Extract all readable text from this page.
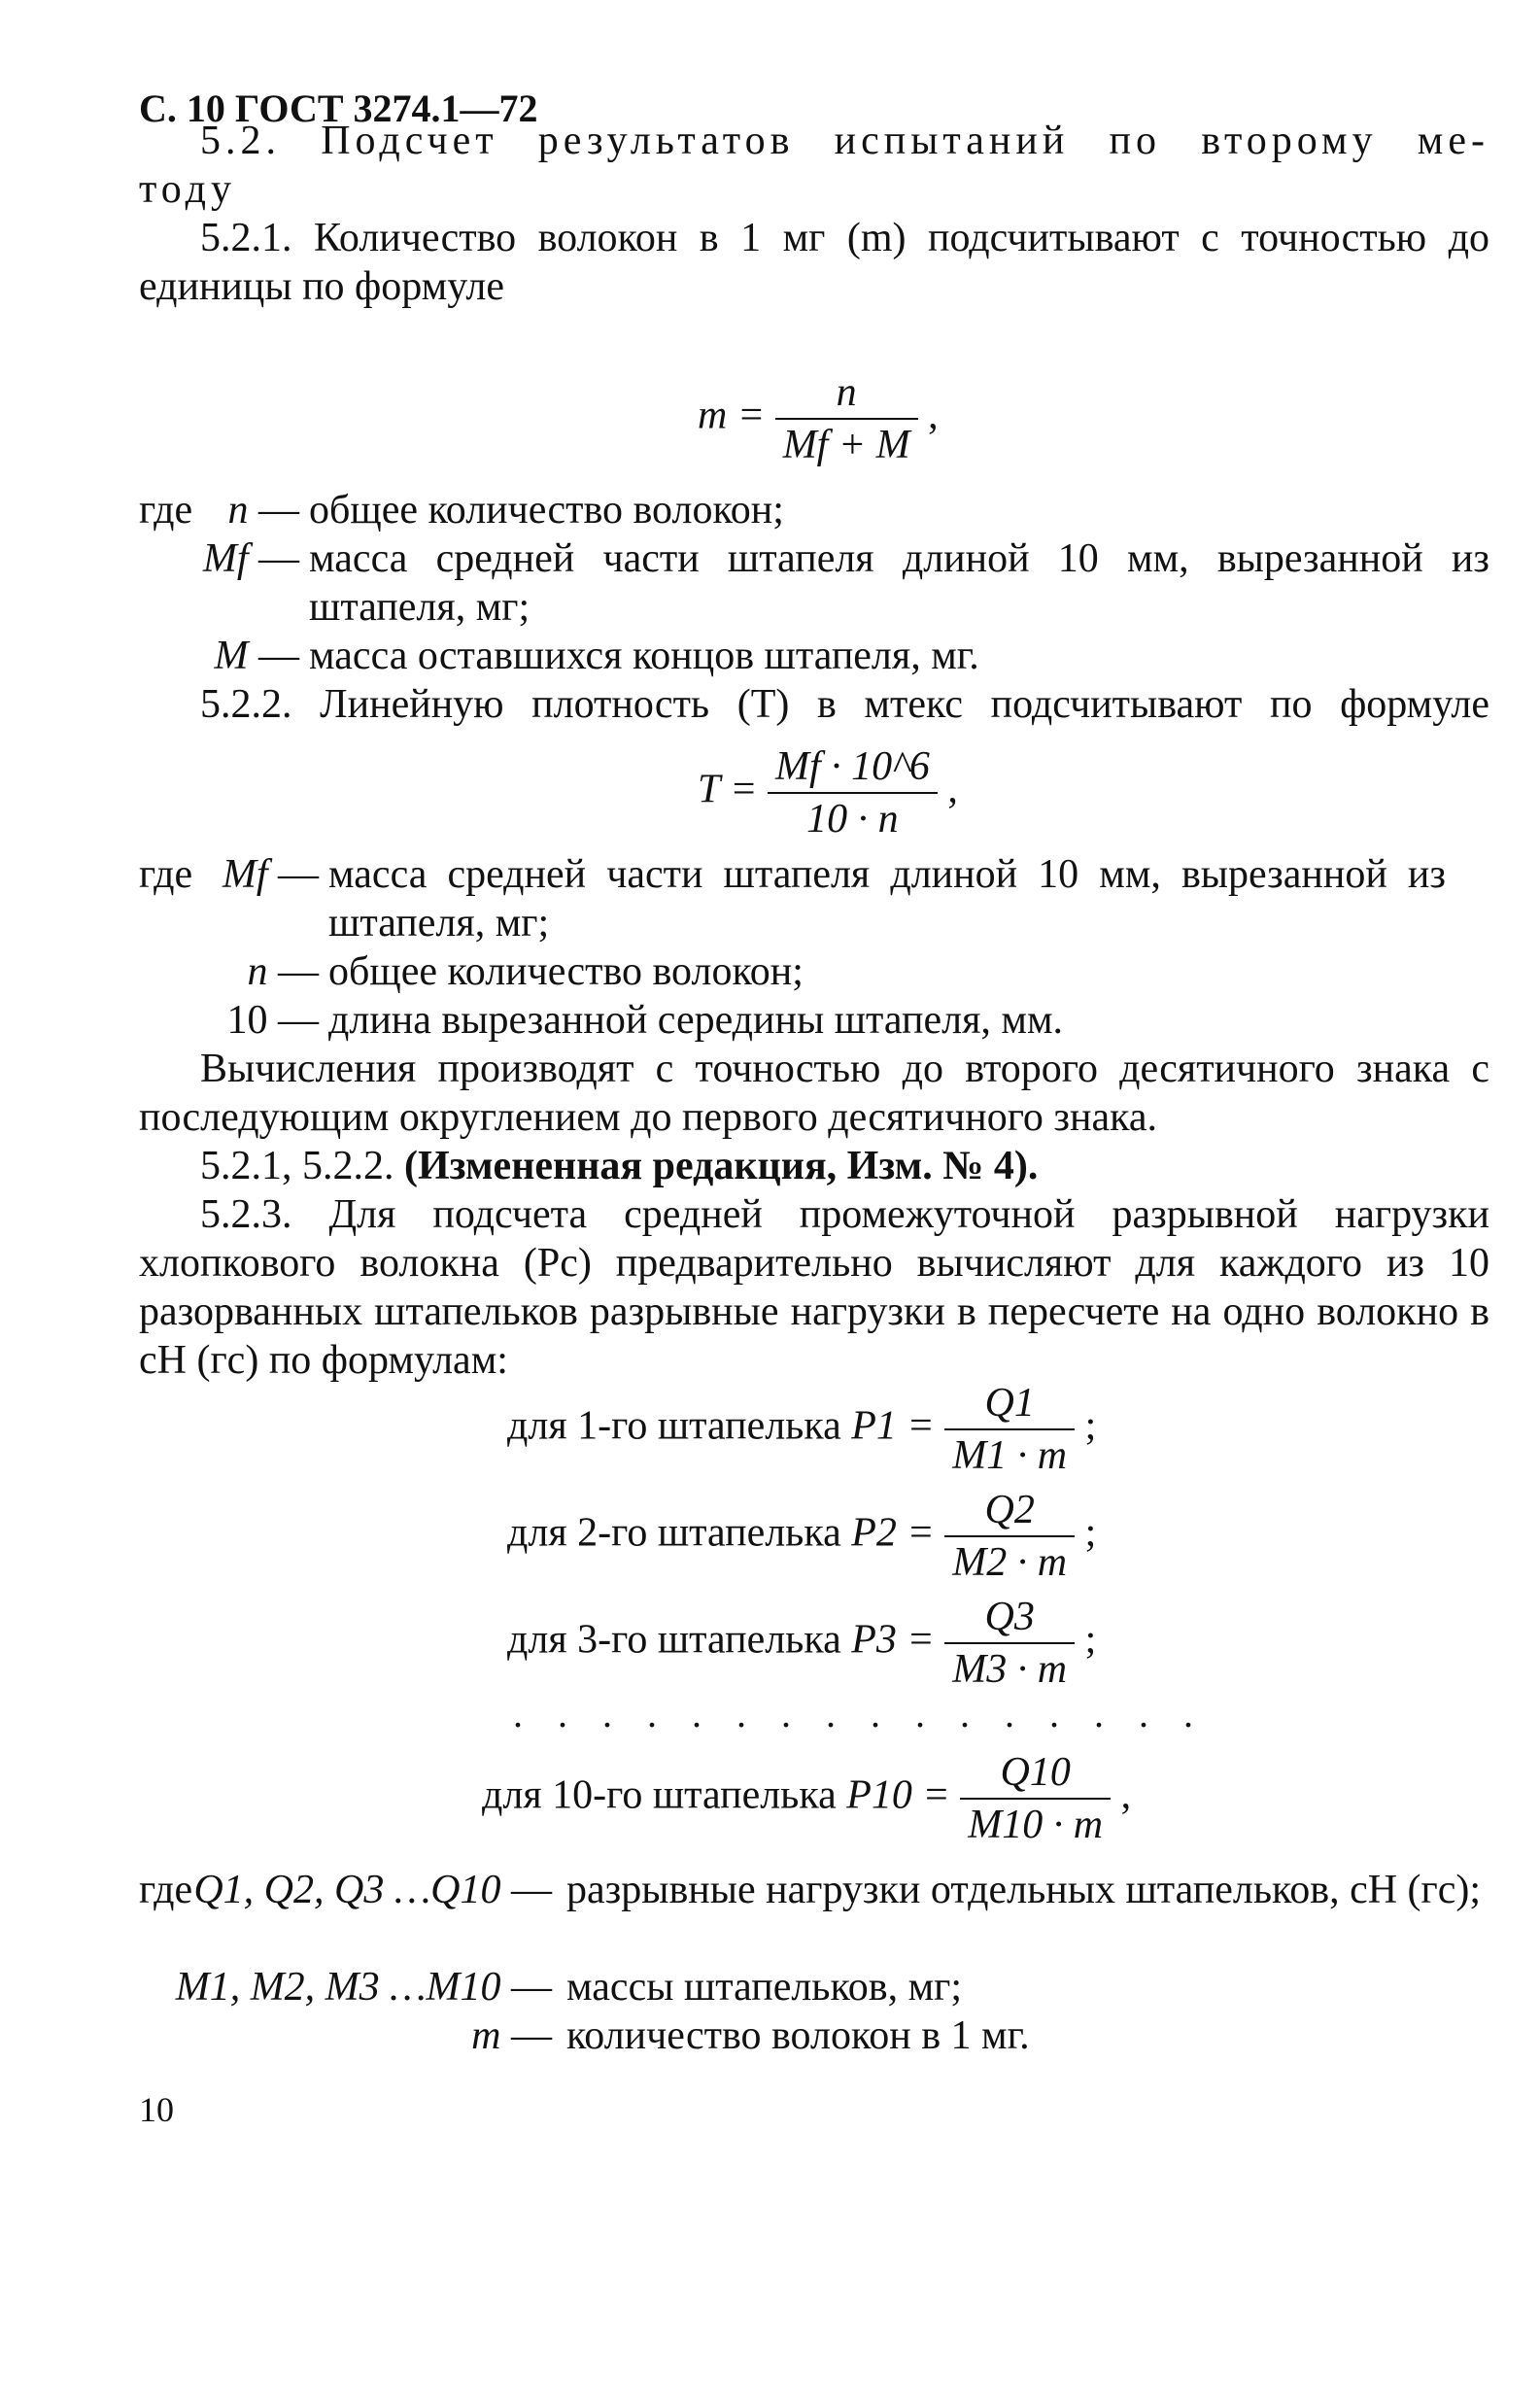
С. 10 ГОСТ 3274.1—72
5.2. Подсчет результатов испытаний по второму ме-
тоду

5.2.1. Количество волокон в 1 мг (m) подсчитывают с точностью до единицы по формуле

$m = \frac{n}{Mf + M}$ ,
где n — общее количество волокон;
Mf — масса средней части штапеля длиной 10 мм, вырезанной из штапеля, мг;
M — масса оставшихся концов штапеля, мг.

5.2.2. Линейную плотность (T) в мтекс подсчитывают по формуле

$T = \frac{Mf \cdot 10\^{}6}{10 \cdot n}$ ,
где Mf — масса средней части штапеля длиной 10 мм, вырезанной из штапеля, мг;
n — общее количество волокон;
10 — длина вырезанной середины штапеля, мм.

Вычисления производят с точностью до второго десятичного знака с последующим округлением до первого десятичного знака.

5.2.1, 5.2.2. (Измененная редакция, Изм. № 4).

5.2.3. Для подсчета средней промежуточной разрывной нагрузки хлопкового волокна (Pc) предварительно вычисляют для каждого из 10 разорванных штапельков разрывные нагрузки в пересчете на одно волокно в сН (гс) по формулам:

для 1-го штапелька $P1 = \frac{Q1}{M1 \cdot m}$ ;
для 2-го штапелька $P2 = \frac{Q2}{M2 \cdot m}$ ;
для 3-го штапелька $P3 = \frac{Q3}{M3 \cdot m}$ ;
. . . . . . . . . . . . . . . .
для 10-го штапелька $P10 = \frac{Q10}{M10 \cdot m}$ ,
где Q1, Q2, Q3 …Q10 — разрывные нагрузки отдельных штапельков, сН (гс);
M1, M2, M3 …M10 — массы штапельков, мг;
m — количество волокон в 1 мг.
10
